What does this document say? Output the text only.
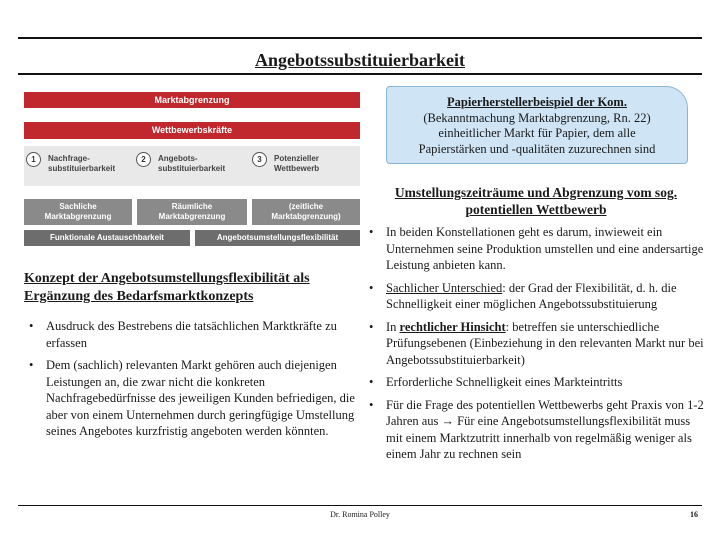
Angebotssubstituierbarkeit
Marktabgrenzung
Wettbewerbskräfte
1	Nachfrage-
substituierbarkeit
2	Angebots-
substituierbarkeit
3	Potenzieller
Wettbewerb
Sachliche
Marktabgrenzung
Räumliche
Marktabgrenzung
(zeitliche
Marktabgrenzung)
Funktionale Austauschbarkeit	Angebotsumstellungsflexibilität
Papierherstellerbeispiel der Kom.
(Bekanntmachung Marktabgrenzung, Rn. 22)
einheitlicher Markt für Papier, dem alle
Papierstärken und -qualitäten zuzurechnen sind
Umstellungszeiträume und Abgrenzung vom sog.
potentiellen Wettbewerb
Konzept der Angebotsumstellungsflexibilität als Ergänzung des Bedarfsmarktkonzepts
• Ausdruck des Bestrebens die tatsächlichen Marktkräfte zu erfassen
• Dem (sachlich) relevanten Markt gehören auch diejenigen Leistungen an, die zwar nicht die konkreten Nachfragebedürfnisse des jeweiligen Kunden befriedigen, die aber von einem Unternehmen durch geringfügige Umstellung seines Angebotes kurzfristig angeboten werden könnten.
• In beiden Konstellationen geht es darum, inwieweit ein Unternehmen seine Produktion umstellen und eine andersartige Leistung anbieten kann.
• Sachlicher Unterschied: der Grad der Flexibilität, d. h. die Schnelligkeit einer möglichen Angebotssubstituierung
• In rechtlicher Hinsicht: betreffen sie unterschiedliche Prüfungsebenen (Einbeziehung in den relevanten Markt nur bei Angebotssubstituierbarkeit)
• Erforderliche Schnelligkeit eines Markteintritts
• Für die Frage des potentiellen Wettbewerbs geht Praxis von 1-2 Jahren aus → Für eine Angebotsumstellungsflexibilität muss mit einem Marktzutritt innerhalb von regelmäßig weniger als einem Jahr zu rechnen sein
Dr. Romina Polley	16
